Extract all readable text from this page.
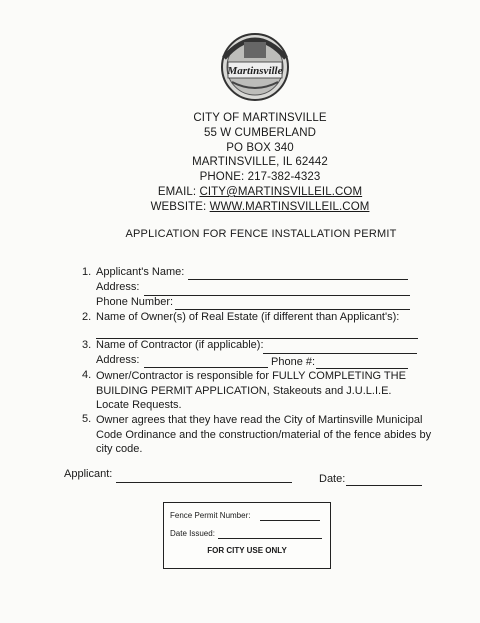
Martinsville
CITY OF MARTINSVILLE
55 W CUMBERLAND
PO BOX 340
MARTINSVILLE, IL 62442
PHONE: 217-382-4323
EMAIL: CITY@MARTINSVILLEIL.COM
WEBSITE: WWW.MARTINSVILLEIL.COM
APPLICATION FOR FENCE INSTALLATION PERMIT
1. Applicant's Name:
Address:
Phone Number:
2. Name of Owner(s) of Real Estate (if different than Applicant's):
3. Name of Contractor (if applicable):
Address:	Phone #:
4. Owner/Contractor is responsible for FULLY COMPLETING THE BUILDING PERMIT APPLICATION, Stakeouts and J.U.L.I.E. Locate Requests.
5. Owner agrees that they have read the City of Martinsville Municipal Code Ordinance and the construction/material of the fence abides by city code.
Applicant:	Date:
Fence Permit Number:
Date Issued:
FOR CITY USE ONLY
